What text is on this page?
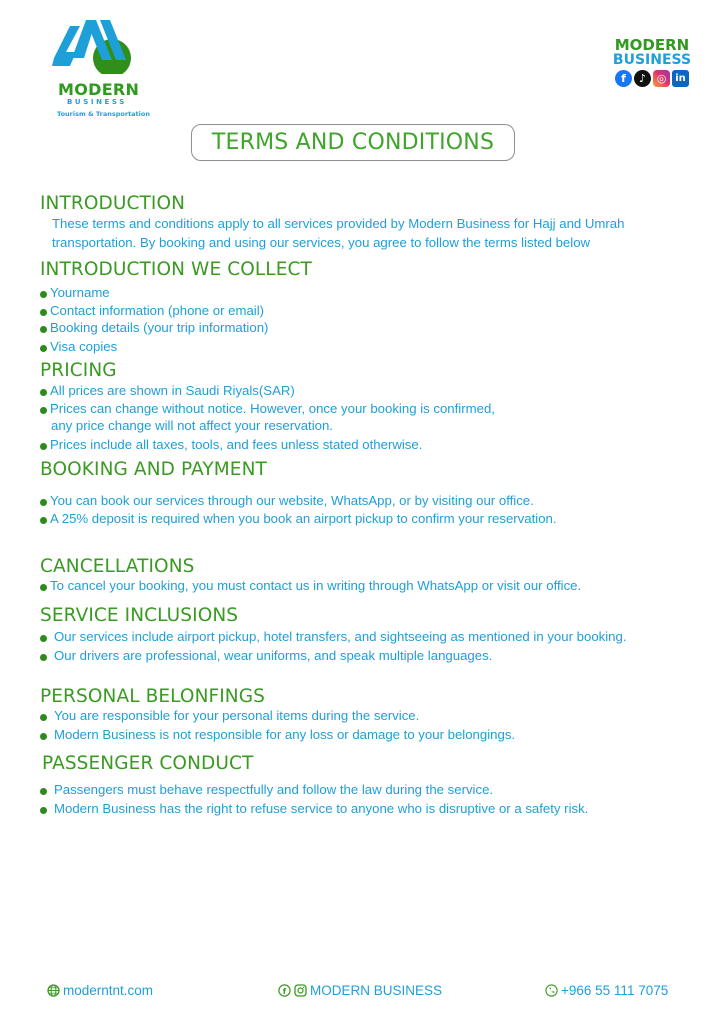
MODERN
BUSINESS
Tourism & Transportation
MODERN
BUSINESS
f	♪ ◎ in
TERMS AND CONDITIONS
INTRODUCTION
These terms and conditions apply to all services provided by Modern Business for Hajj and Umrah
transportation. By booking and using our services, you agree to follow the terms listed below
INTRODUCTION WE COLLECT
Yourname
Contact information (phone or email)
Booking details (your trip information)
Visa copies
PRICING
All prices are shown in Saudi Riyals(SAR)
Prices can change without notice. However, once your booking is confirmed,
any price change will not affect your reservation.
Prices include all taxes, tools, and fees unless stated otherwise.
BOOKING AND PAYMENT
You can book our services through our website, WhatsApp, or by visiting our office.
A 25% deposit is required when you book an airport pickup to confirm your reservation.
CANCELLATIONS
To cancel your booking, you must contact us in writing through WhatsApp or visit our office.
SERVICE INCLUSIONS
Our services include airport pickup, hotel transfers, and sightseeing as mentioned in your booking.
Our drivers are professional, wear uniforms, and speak multiple languages.
PERSONAL BELONFINGS
You are responsible for your personal items during the service.
Modern Business is not responsible for any loss or damage to your belongings.
PASSENGER CONDUCT
Passengers must behave respectfully and follow the law during the service.
Modern Business has the right to refuse service to anyone who is disruptive or a safety risk.
moderntnt.com	f MODERN BUSINESS	+966 55 111 7075
